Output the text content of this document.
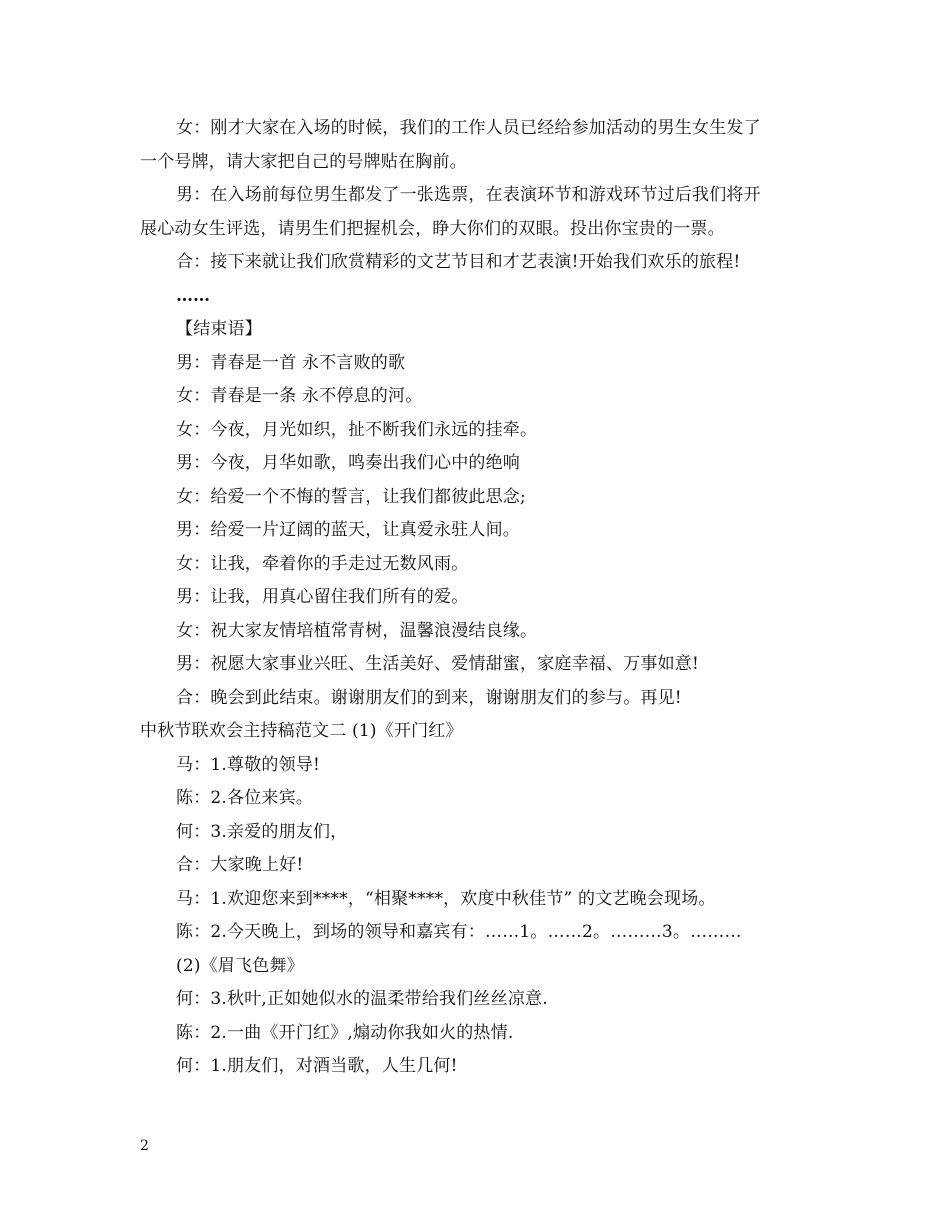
女：刚才大家在入场的时候，我们的工作人员已经给参加活动的男生女生发了
一个号牌，请大家把自己的号牌贴在胸前。
男：在入场前每位男生都发了一张选票，在表演环节和游戏环节过后我们将开
展心动女生评选，请男生们把握机会，睁大你们的双眼。投出你宝贵的一票。
合：接下来就让我们欣赏精彩的文艺节目和才艺表演!开始我们欢乐的旅程!
……
【结束语】
男：青春是一首 永不言败的歌
女：青春是一条 永不停息的河。
女：今夜，月光如织，扯不断我们永远的挂牵。
男：今夜，月华如歌，鸣奏出我们心中的绝响
女：给爱一个不悔的誓言，让我们都彼此思念;
男：给爱一片辽阔的蓝天，让真爱永驻人间。
女：让我，牵着你的手走过无数风雨。
男：让我，用真心留住我们所有的爱。
女：祝大家友情培植常青树，温馨浪漫结良缘。
男：祝愿大家事业兴旺、生活美好、爱情甜蜜，家庭幸福、万事如意!
合：晚会到此结束。谢谢朋友们的到来，谢谢朋友们的参与。再见!
中秋节联欢会主持稿范文二 (1)《开门红》
马：1.尊敬的领导!
陈：2.各位来宾。
何：3.亲爱的朋友们，
合：大家晚上好!
马：1.欢迎您来到****，“相聚****，欢度中秋佳节” 的文艺晚会现场。
陈：2.今天晚上，到场的领导和嘉宾有：……1。……2。………3。………
(2)《眉飞色舞》
何：3.秋叶,正如她似水的温柔带给我们丝丝凉意.
陈：2.一曲《开门红》,煽动你我如火的热情.
何：1.朋友们，对酒当歌，人生几何!
2
